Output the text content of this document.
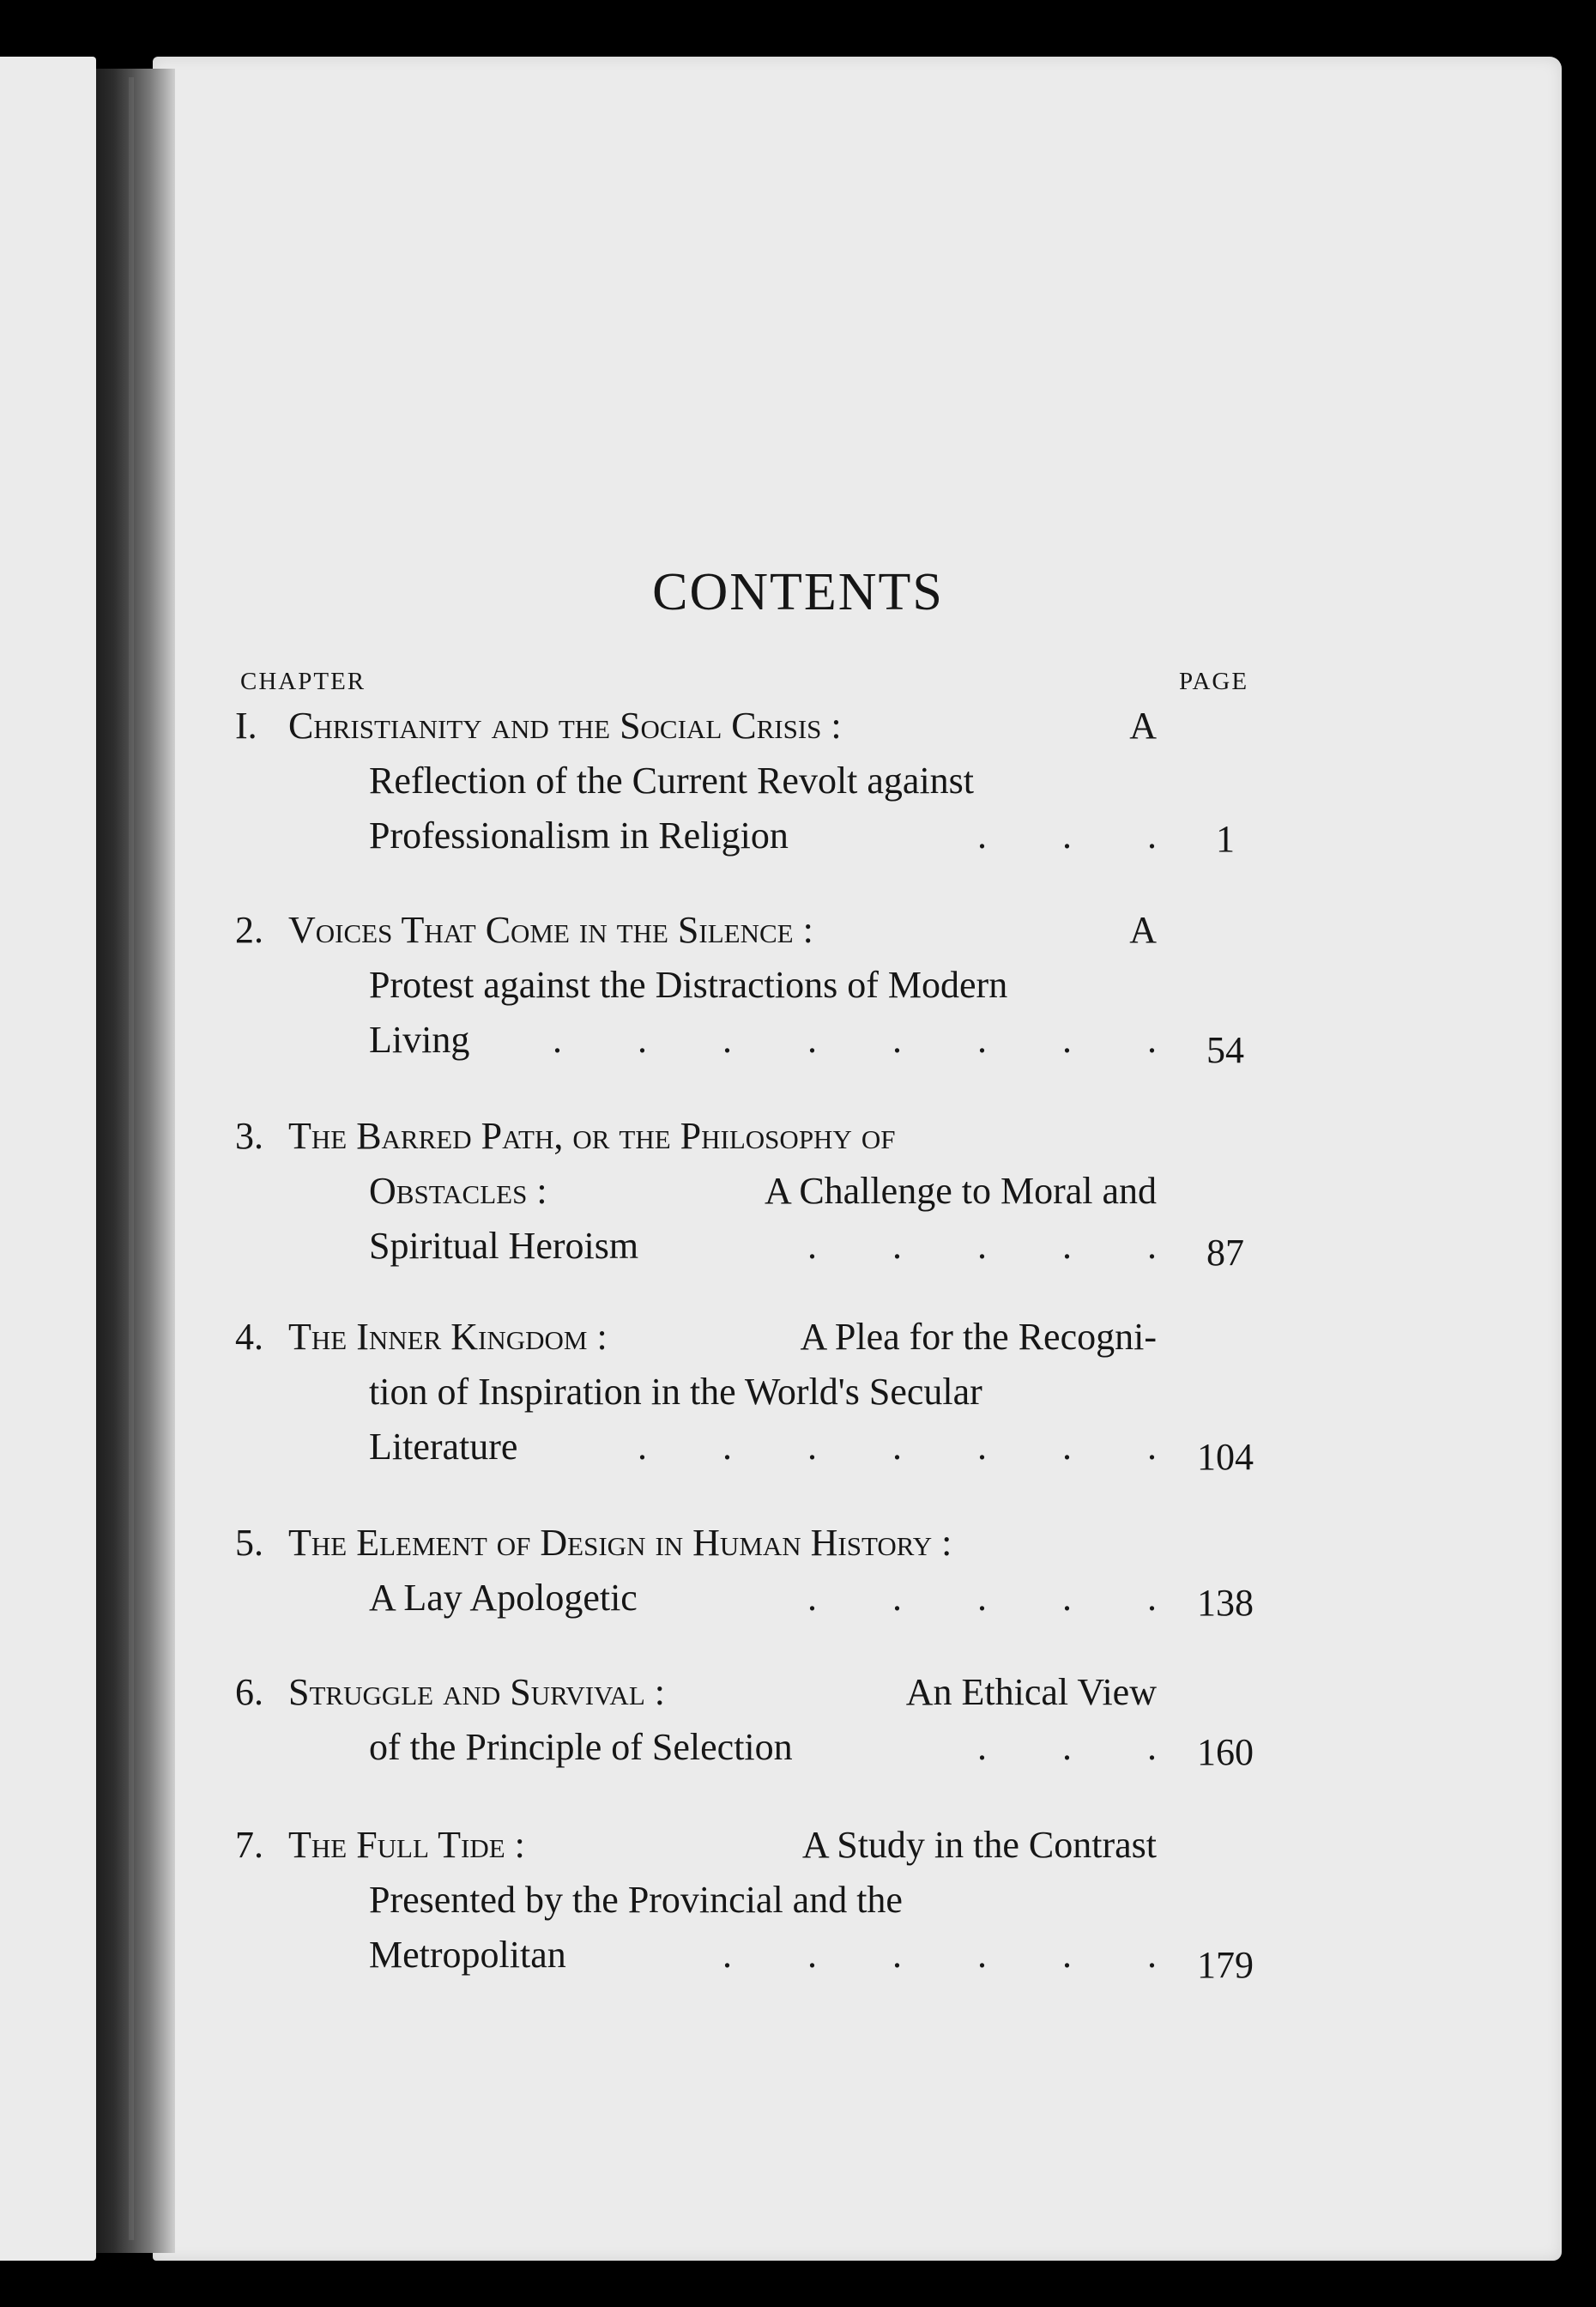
CONTENTS
CHAPTER	PAGE
I. Christianity and the Social Crisis :	A
Reflection of the Current Revolt against
Professionalism in Religion	.  .  .	1
2. Voices That Come in the Silence :	A
Protest against the Distractions of Modern
Living .  .  .  .  .  .  .  .	54
3. The Barred Path, or the Philosophy of
Obstacles :	A Challenge to Moral and
Spiritual Heroism	.  .  .  .  .	87
4. The Inner Kingdom :	A Plea for the Recogni-
tion of Inspiration in the World's Secular
Literature	.  .  .  .  .  .  . 104
5. The Element of Design in Human History :
A Lay Apologetic	.  .  .  .  . 138
6. Struggle and Survival :	An Ethical View
of the Principle of Selection	.  .  . 160
7. The Full Tide :	A Study in the Contrast
Presented by the Provincial and the
Metropolitan	.  .  .  .  .  . 179
